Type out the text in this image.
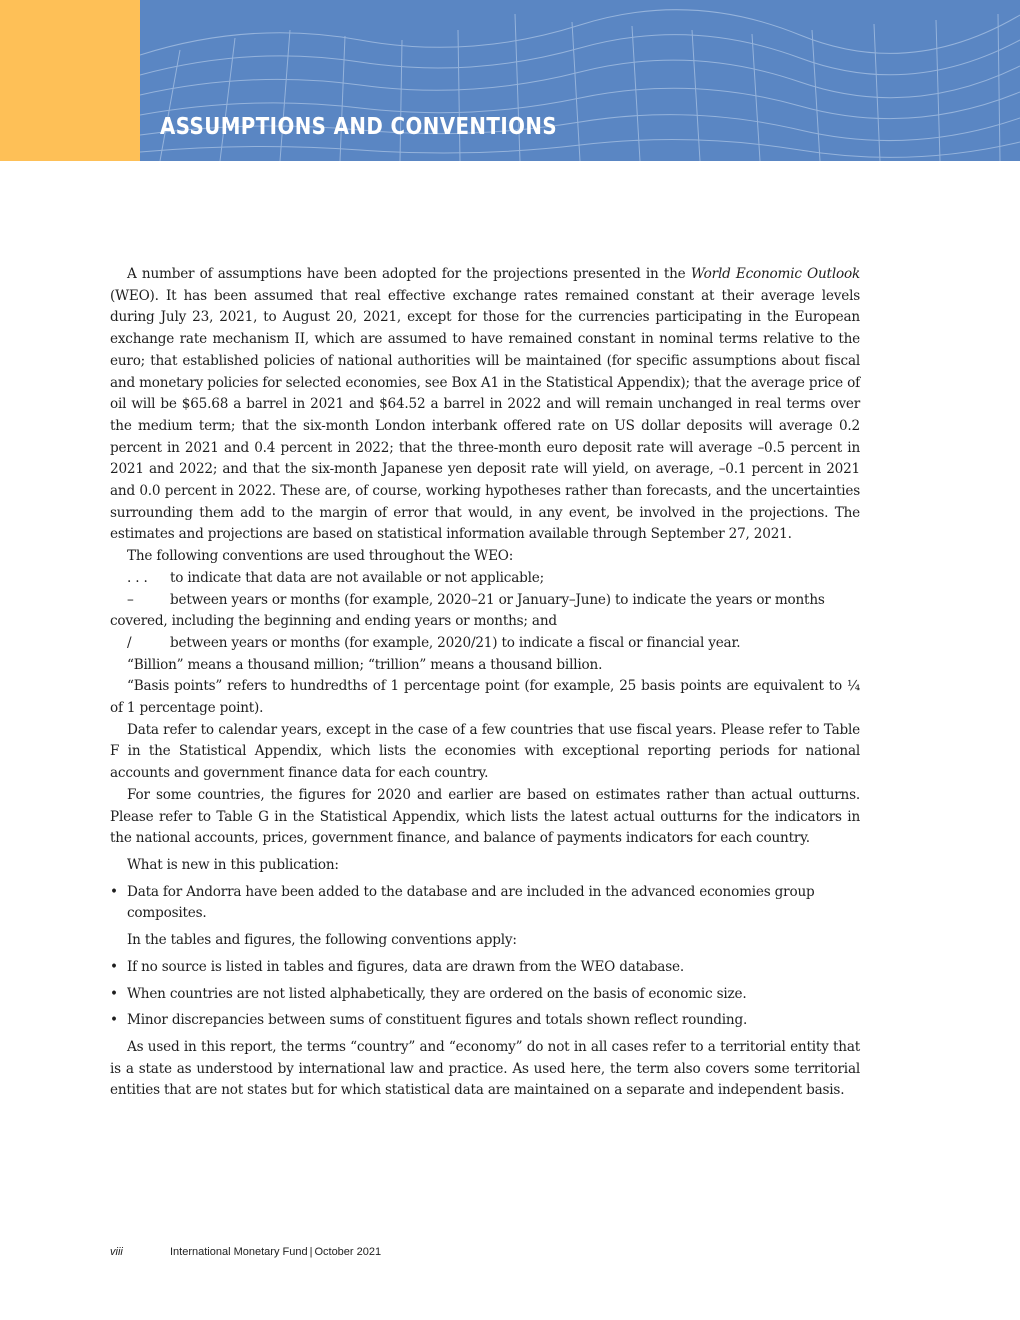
ASSUMPTIONS AND CONVENTIONS

A number of assumptions have been adopted for the projections presented in the World Economic Outlook (WEO). It has been assumed that real effective exchange rates remained constant at their average levels during July 23, 2021, to August 20, 2021, except for those for the currencies participating in the European exchange rate mechanism II, which are assumed to have remained constant in nominal terms relative to the euro; that established policies of national authorities will be maintained (for specific assumptions about fiscal and monetary policies for selected economies, see Box A1 in the Statistical Appendix); that the average price of oil will be $65.68 a barrel in 2021 and $64.52 a barrel in 2022 and will remain unchanged in real terms over the medium term; that the six-month London interbank offered rate on US dollar deposits will average 0.2 percent in 2021 and 0.4 percent in 2022; that the three-month euro deposit rate will average –0.5 percent in 2021 and 2022; and that the six-month Japanese yen deposit rate will yield, on average, –0.1 percent in 2021 and 0.0 percent in 2022. These are, of course, working hypotheses rather than forecasts, and the uncertainties surrounding them add to the margin of error that would, in any event, be involved in the projections. The estimates and projections are based on statistical information available through September 27, 2021.

The following conventions are used throughout the WEO:

. . . to indicate that data are not available or not applicable;
–	between years or months (for example, 2020–21 or January–June) to indicate the years or months covered, including the beginning and ending years or months; and
/	between years or months (for example, 2020/21) to indicate a fiscal or financial year.

“Billion” means a thousand million; “trillion” means a thousand billion.

“Basis points” refers to hundredths of 1 percentage point (for example, 25 basis points are equivalent to ¼ of 1 percentage point).

Data refer to calendar years, except in the case of a few countries that use fiscal years. Please refer to Table F in the Statistical Appendix, which lists the economies with exceptional reporting periods for national accounts and government finance data for each country.

For some countries, the figures for 2020 and earlier are based on estimates rather than actual outturns. Please refer to Table G in the Statistical Appendix, which lists the latest actual outturns for the indicators in the national accounts, prices, government finance, and balance of payments indicators for each country.

What is new in this publication:

• Data for Andorra have been added to the database and are included in the advanced economies group composites.

In the tables and figures, the following conventions apply:

• If no source is listed in tables and figures, data are drawn from the WEO database.
• When countries are not listed alphabetically, they are ordered on the basis of economic size.
• Minor discrepancies between sums of constituent figures and totals shown reflect rounding.

As used in this report, the terms “country” and “economy” do not in all cases refer to a territorial entity that is a state as understood by international law and practice. As used here, the term also covers some territorial entities that are not states but for which statistical data are maintained on a separate and independent basis.

viii	International Monetary Fund | October 2021
